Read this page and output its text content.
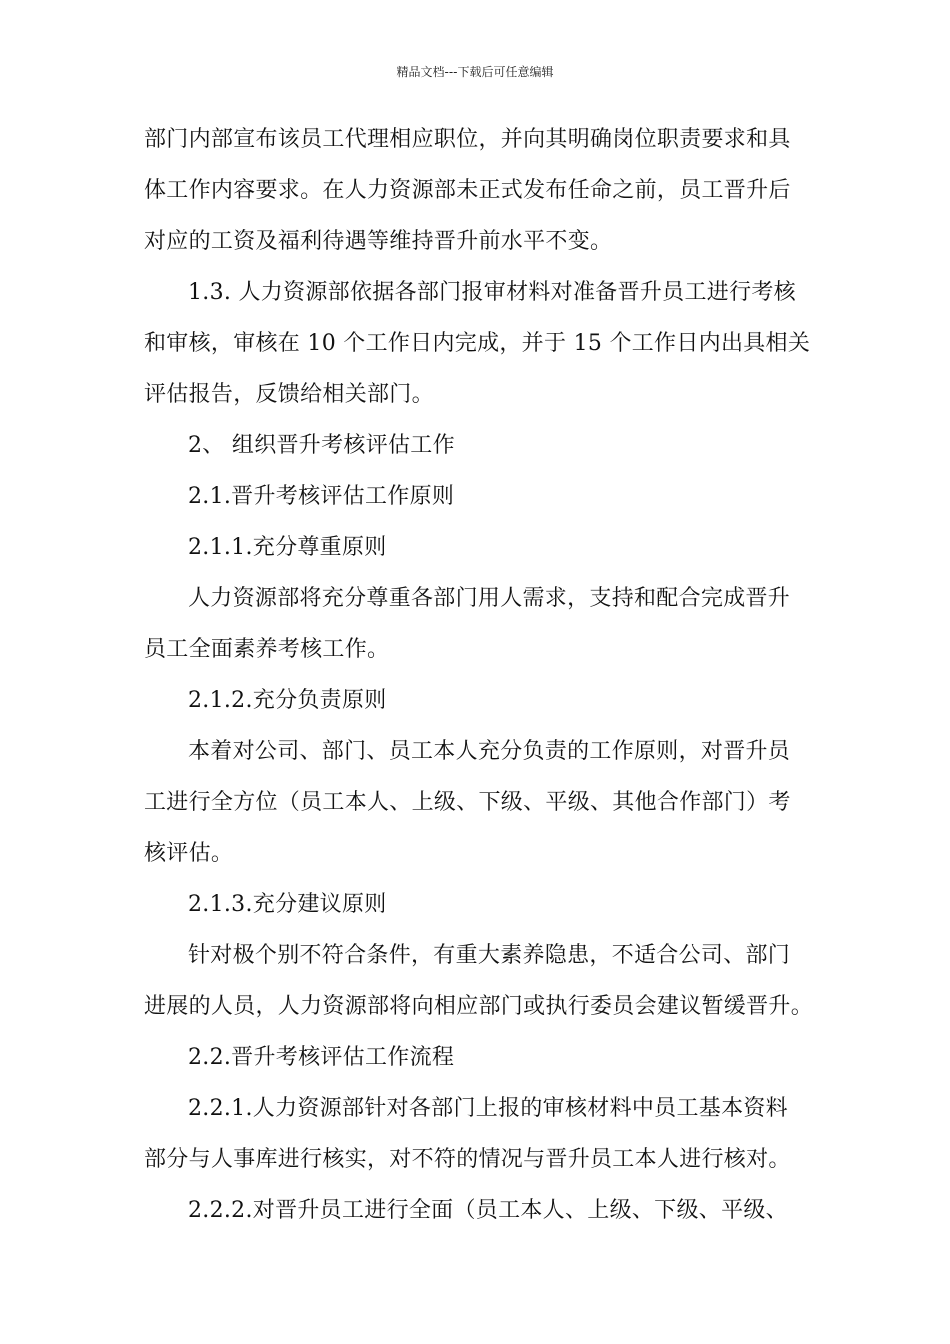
精品文档---下载后可任意编辑
部门内部宣布该员工代理相应职位，并向其明确岗位职责要求和具
体工作内容要求。在人力资源部未正式发布任命之前，员工晋升后
对应的工资及福利待遇等维持晋升前水平不变。
1.3. 人力资源部依据各部门报审材料对准备晋升员工进行考核
和审核，审核在 10 个工作日内完成，并于 15 个工作日内出具相关
评估报告，反馈给相关部门。
2、 组织晋升考核评估工作
2.1.晋升考核评估工作原则
2.1.1.充分尊重原则
人力资源部将充分尊重各部门用人需求，支持和配合完成晋升
员工全面素养考核工作。
2.1.2.充分负责原则
本着对公司、部门、员工本人充分负责的工作原则，对晋升员
工进行全方位（员工本人、上级、下级、平级、其他合作部门）考
核评估。
2.1.3.充分建议原则
针对极个别不符合条件，有重大素养隐患，不适合公司、部门
进展的人员，人力资源部将向相应部门或执行委员会建议暂缓晋升。
2.2.晋升考核评估工作流程
2.2.1.人力资源部针对各部门上报的审核材料中员工基本资料
部分与人事库进行核实，对不符的情况与晋升员工本人进行核对。
2.2.2.对晋升员工进行全面（员工本人、上级、下级、平级、
